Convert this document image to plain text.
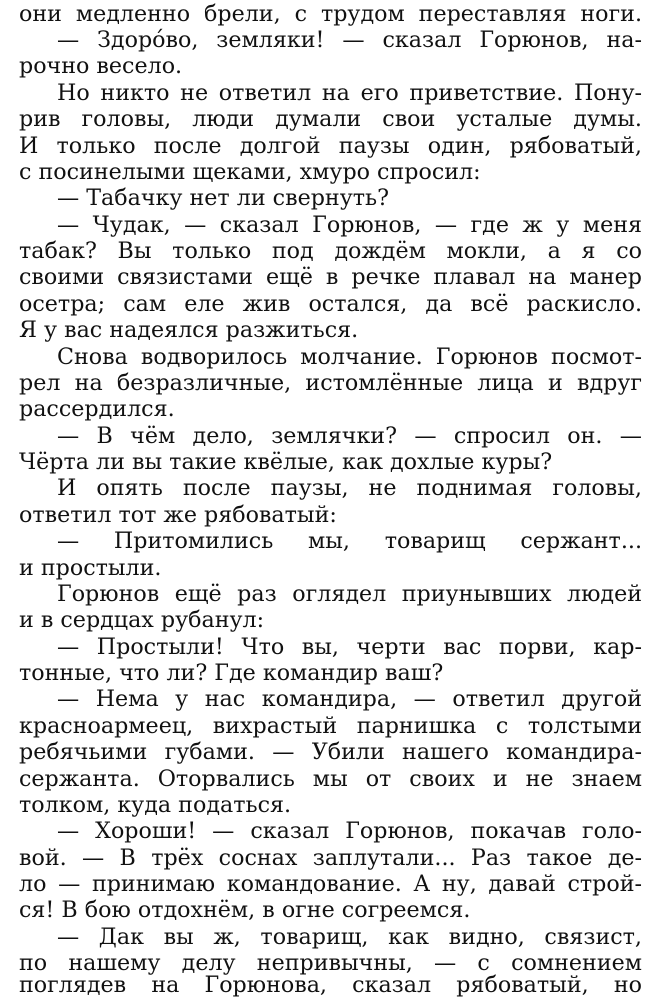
они медленно брели, с трудом переставляя ноги.
— Здоро́во, земляки! — сказал Горюнов, на-
рочно весело.
Но никто не ответил на его приветствие. Пону-
рив головы, люди думали свои усталые думы.
И только после долгой паузы один, рябоватый,
с посинелыми щеками, хмуро спросил:
— Табачку нет ли свернуть?
— Чудак, — сказал Горюнов, — где ж у меня
табак? Вы только под дождём мокли, а я со
своими связистами ещё в речке плавал на манер
осетра; сам еле жив остался, да всё раскисло.
Я у вас надеялся разжиться.
Снова водворилось молчание. Горюнов посмот-
рел на безразличные, истомлённые лица и вдруг
рассердился.
— В чём дело, землячки? — спросил он. —
Чёрта ли вы такие квёлые, как дохлые куры?
И опять после паузы, не поднимая головы,
ответил тот же рябоватый:
— Притомились мы, товарищ сержант...
и простыли.
Горюнов ещё раз оглядел приунывших людей
и в сердцах рубанул:
— Простыли! Что вы, черти вас порви, кар-
тонные, что ли? Где командир ваш?
— Нема у нас командира, — ответил другой
красноармеец, вихрастый парнишка с толстыми
ребячьими губами. — Убили нашего командира-
сержанта. Оторвались мы от своих и не знаем
толком, куда податься.
— Хороши! — сказал Горюнов, покачав голо-
вой. — В трёх соснах заплутали... Раз такое де-
ло — принимаю командование. А ну, давай строй-
ся! В бою отдохнём, в огне согреемся.
— Дак вы ж, товарищ, как видно, связист,
по нашему делу непривычны, — с сомнением
поглядев на Горюнова, сказал рябоватый, но
